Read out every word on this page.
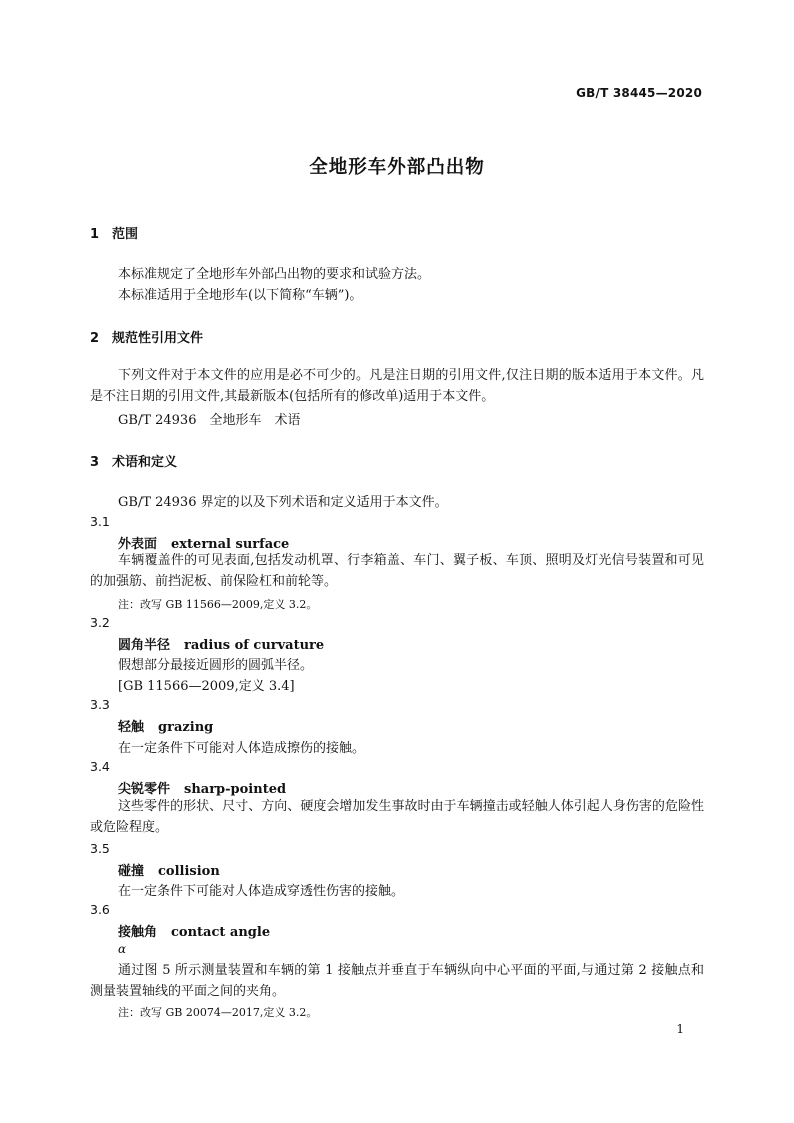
GB/T 38445—2020
全地形车外部凸出物
1 范围
本标准规定了全地形车外部凸出物的要求和试验方法。
本标准适用于全地形车(以下简称“车辆”)。
2 规范性引用文件
下列文件对于本文件的应用是必不可少的。凡是注日期的引用文件,仅注日期的版本适用于本文件。凡是不注日期的引用文件,其最新版本(包括所有的修改单)适用于本文件。
GB/T 24936　全地形车　术语
3 术语和定义
GB/T 24936 界定的以及下列术语和定义适用于本文件。
3.1
外表面 external surface
车辆覆盖件的可见表面,包括发动机罩、行李箱盖、车门、翼子板、车顶、照明及灯光信号装置和可见的加强筋、前挡泥板、前保险杠和前轮等。
注：改写 GB 11566—2009,定义 3.2。
3.2
圆角半径 radius of curvature
假想部分最接近圆形的圆弧半径。
[GB 11566—2009,定义 3.4]
3.3
轻触 grazing
在一定条件下可能对人体造成擦伤的接触。
3.4
尖锐零件 sharp-pointed
这些零件的形状、尺寸、方向、硬度会增加发生事故时由于车辆撞击或轻触人体引起人身伤害的危险性或危险程度。
3.5
碰撞 collision
在一定条件下可能对人体造成穿透性伤害的接触。
3.6
接触角 contact angle
α
通过图 5 所示测量装置和车辆的第 1 接触点并垂直于车辆纵向中心平面的平面,与通过第 2 接触点和测量装置轴线的平面之间的夹角。
注：改写 GB 20074—2017,定义 3.2。
1
